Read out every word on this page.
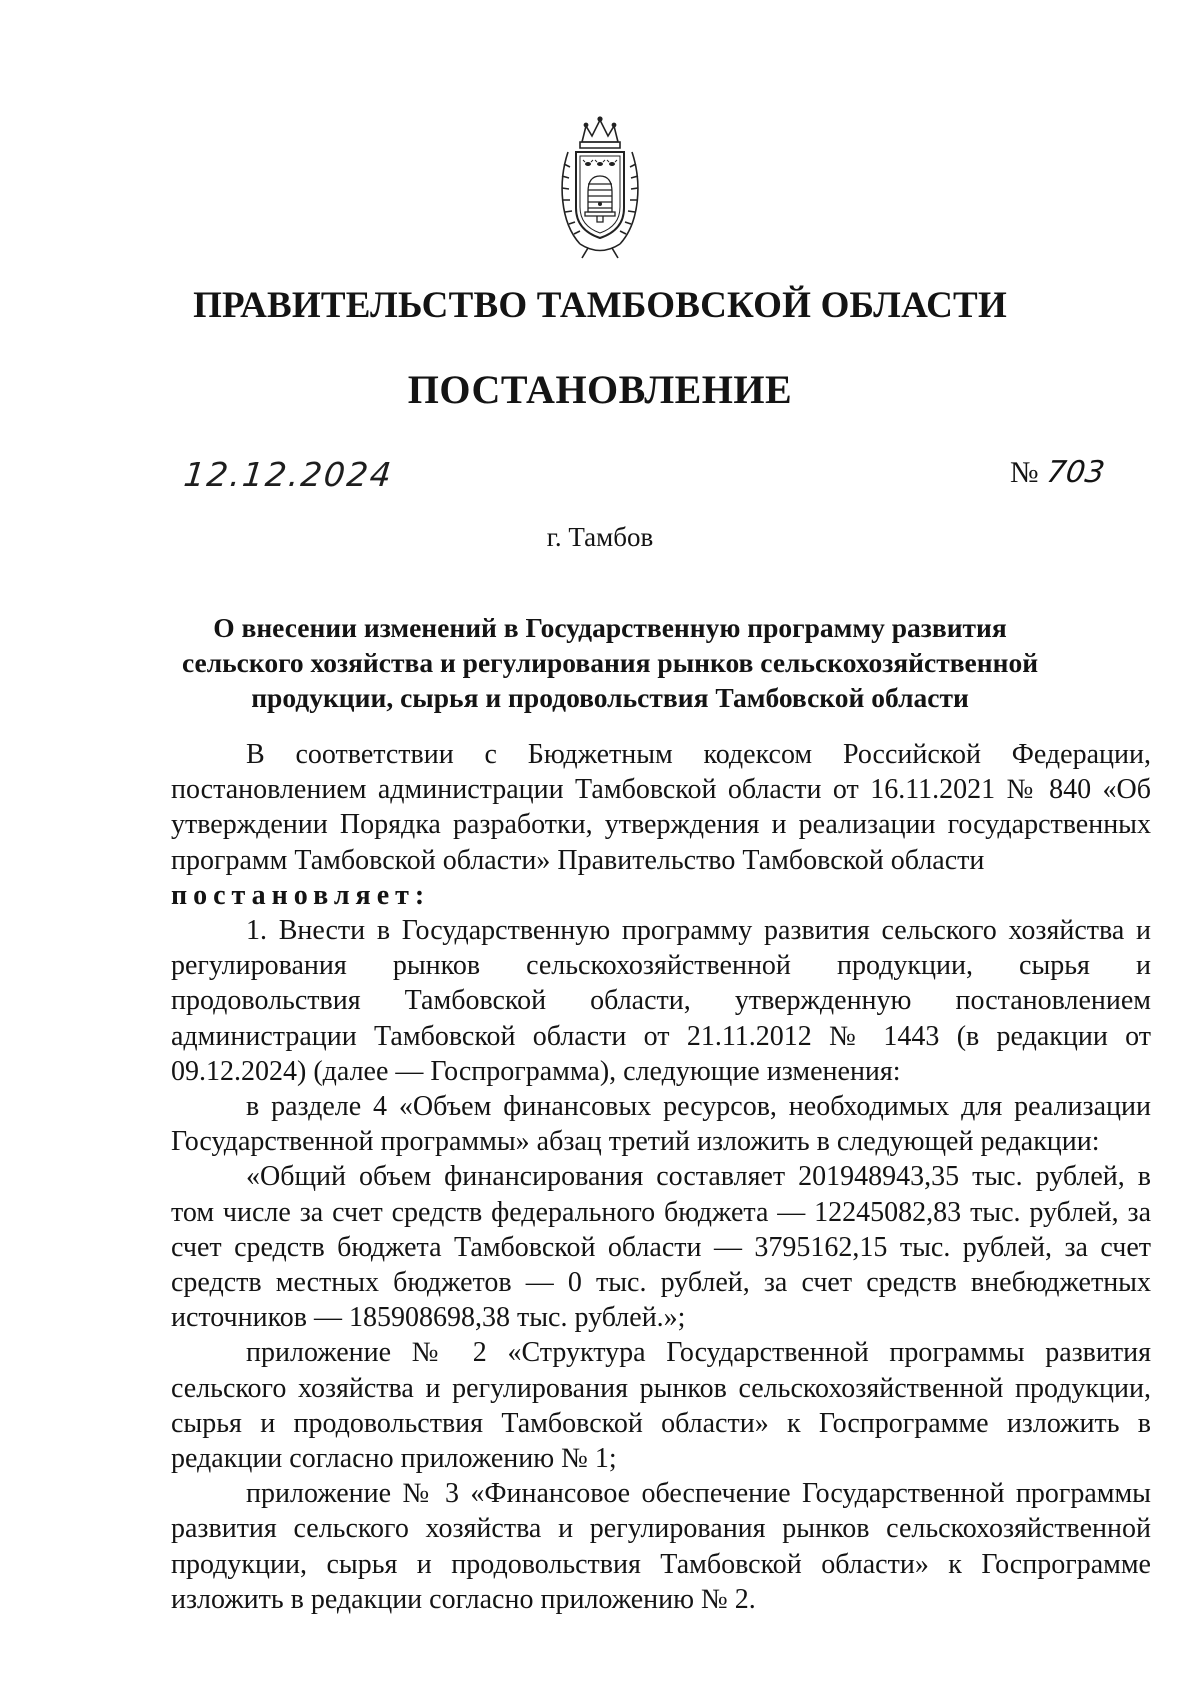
ПРАВИТЕЛЬСТВО ТАМБОВСКОЙ ОБЛАСТИ
ПОСТАНОВЛЕНИЕ
12.12.2024	№ 703
г. Тамбов
О внесении изменений в Государственную программу развития сельского хозяйства и регулирования рынков сельскохозяйственной продукции, сырья и продовольствия Тамбовской области

В соответствии с Бюджетным кодексом Российской Федерации, постановлением администрации Тамбовской области от 16.11.2021 № 840 «Об утверждении Порядка разработки, утверждения и реализации государственных программ Тамбовской области» Правительство Тамбовской области

постановляет:

1. Внести в Государственную программу развития сельского хозяйства и регулирования рынков сельскохозяйственной продукции, сырья и продовольствия Тамбовской области, утвержденную постановлением администрации Тамбовской области от 21.11.2012 № 1443 (в редакции от 09.12.2024) (далее — Госпрограмма), следующие изменения:

в разделе 4 «Объем финансовых ресурсов, необходимых для реализации Государственной программы» абзац третий изложить в следующей редакции:

«Общий объем финансирования составляет 201948943,35 тыс. рублей, в том числе за счет средств федерального бюджета — 12245082,83 тыс. рублей, за счет средств бюджета Тамбовской области — 3795162,15 тыс. рублей, за счет средств местных бюджетов — 0 тыс. рублей, за счет средств внебюджетных источников — 185908698,38 тыс. рублей.»;

приложение № 2 «Структура Государственной программы развития сельского хозяйства и регулирования рынков сельскохозяйственной продукции, сырья и продовольствия Тамбовской области» к Госпрограмме изложить в редакции согласно приложению № 1;

приложение № 3 «Финансовое обеспечение Государственной программы развития сельского хозяйства и регулирования рынков сельскохозяйственной продукции, сырья и продовольствия Тамбовской области» к Госпрограмме изложить в редакции согласно приложению № 2.
